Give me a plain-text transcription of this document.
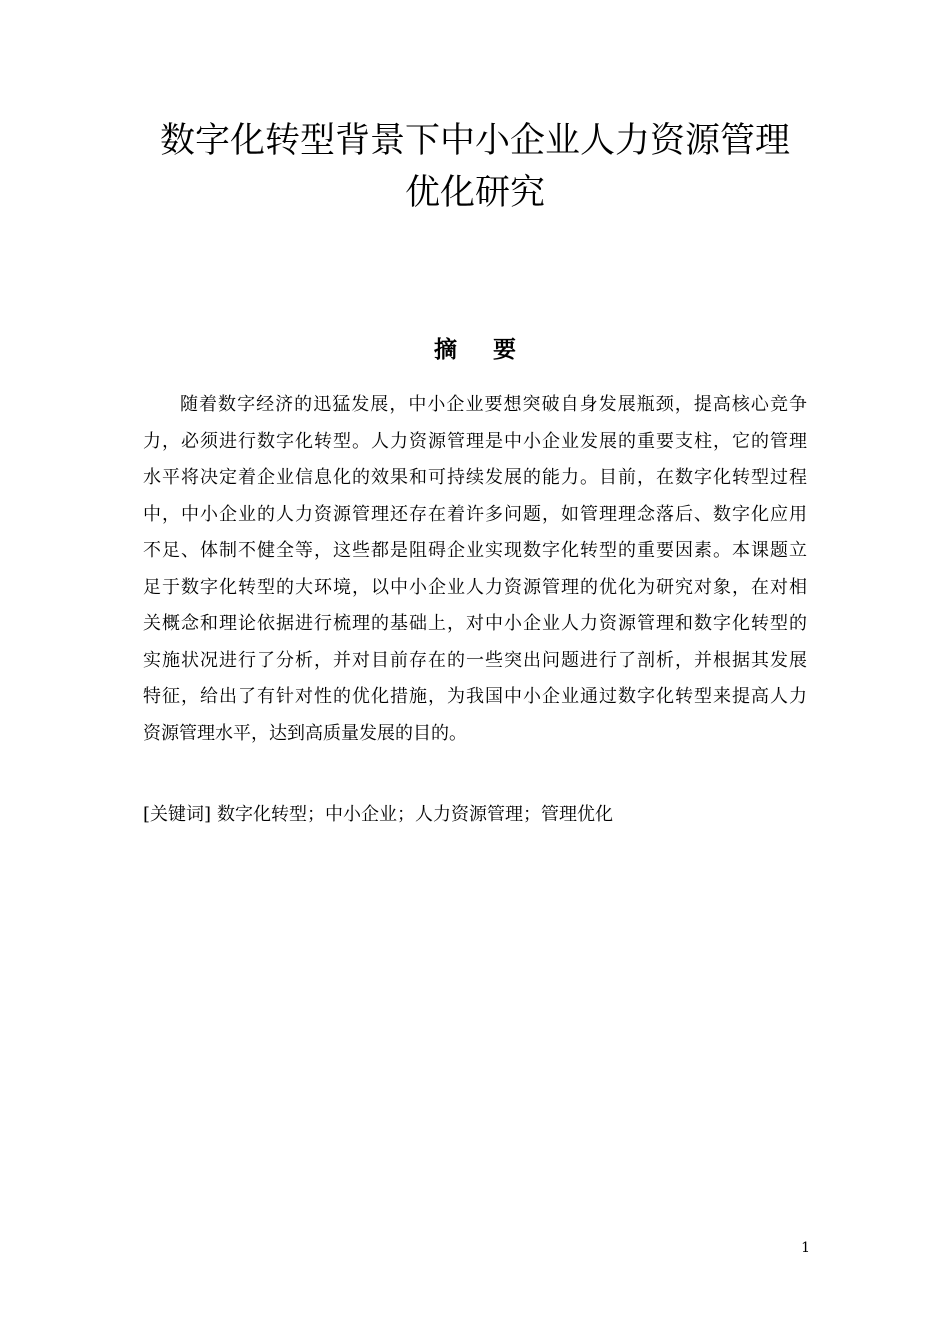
数字化转型背景下中小企业人力资源管理
优化研究
摘要
随着数字经济的迅猛发展，中小企业要想突破自身发展瓶颈，提高核心竞争
力，必须进行数字化转型。人力资源管理是中小企业发展的重要支柱，它的管理
水平将决定着企业信息化的效果和可持续发展的能力。目前，在数字化转型过程
中，中小企业的人力资源管理还存在着许多问题，如管理理念落后、数字化应用
不足、体制不健全等，这些都是阻碍企业实现数字化转型的重要因素。本课题立
足于数字化转型的大环境，以中小企业人力资源管理的优化为研究对象，在对相
关概念和理论依据进行梳理的基础上，对中小企业人力资源管理和数字化转型的
实施状况进行了分析，并对目前存在的一些突出问题进行了剖析，并根据其发展
特征，给出了有针对性的优化措施，为我国中小企业通过数字化转型来提高人力
资源管理水平，达到高质量发展的目的。

[关键词] 数字化转型；中小企业；人力资源管理；管理优化

1
